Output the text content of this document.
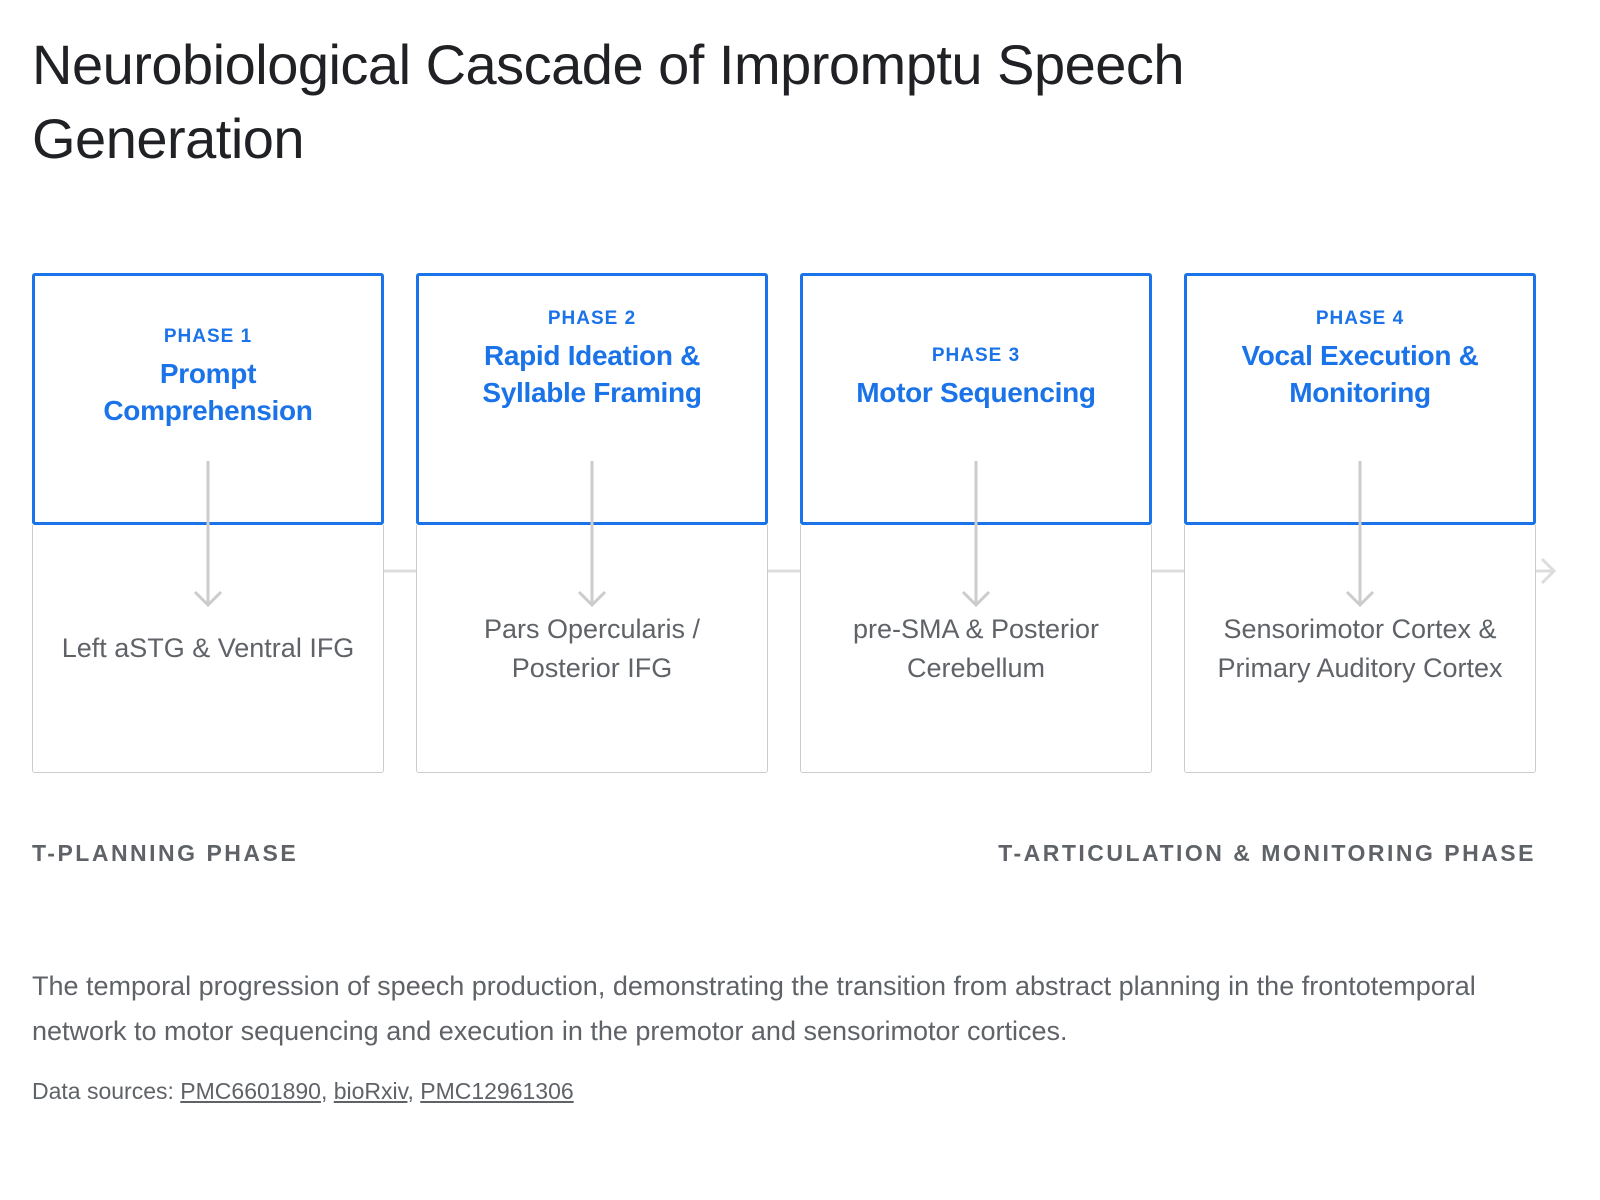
Neurobiological Cascade of Impromptu Speech Generation
PHASE 1
Prompt Comprehension
Left aSTG & Ventral IFG
PHASE 2
Rapid Ideation & Syllable Framing
Pars Opercularis / Posterior IFG
PHASE 3
Motor Sequencing
pre-SMA & Posterior Cerebellum
PHASE 4
Vocal Execution & Monitoring
Sensorimotor Cortex & Primary Auditory Cortex
T-PLANNING PHASE	T-ARTICULATION & MONITORING PHASE

The temporal progression of speech production, demonstrating the transition from abstract planning in the frontotemporal network to motor sequencing and execution in the premotor and sensorimotor cortices.

Data sources: PMC6601890, bioRxiv, PMC12961306
